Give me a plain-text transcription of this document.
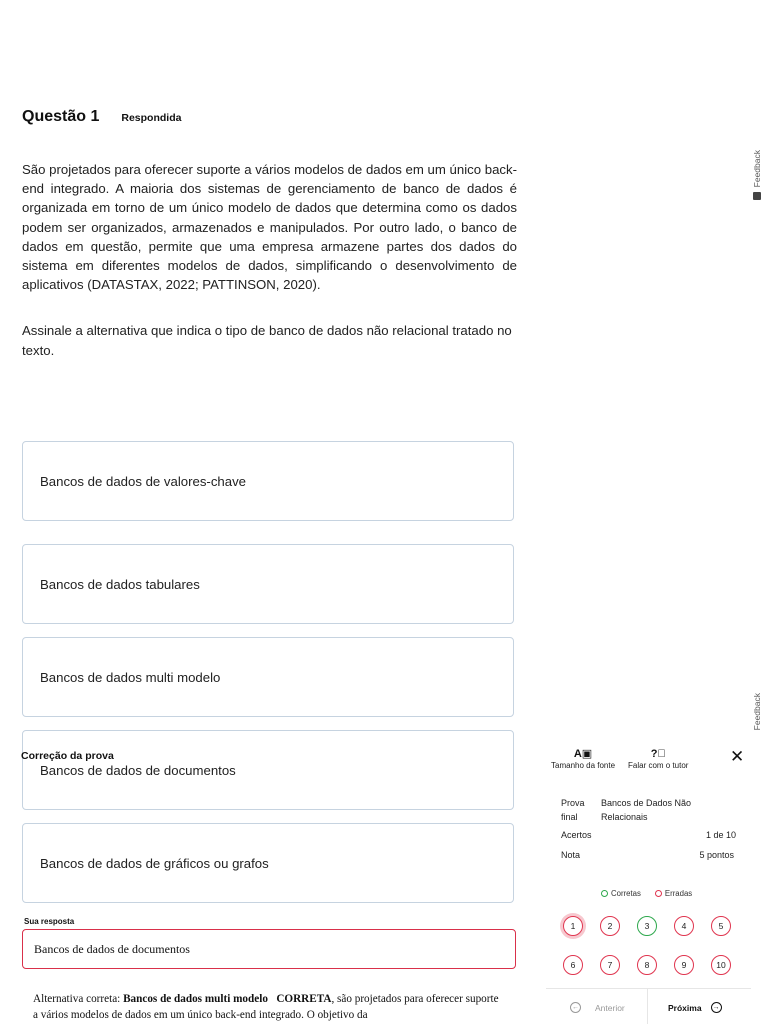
Questão 1 Respondida
São projetados para oferecer suporte a vários modelos de dados em um único back-end integrado. A maioria dos sistemas de gerenciamento de banco de dados é organizada em torno de um único modelo de dados que determina como os dados podem ser organizados, armazenados e manipulados. Por outro lado, o banco de dados em questão, permite que uma empresa armazene partes dos dados do sistema em diferentes modelos de dados, simplificando o desenvolvimento de aplicativos (DATASTAX, 2022; PATTINSON, 2020).
Assinale a alternativa que indica o tipo de banco de dados não relacional tratado no texto.
Bancos de dados de valores-chave
Bancos de dados tabulares
Bancos de dados multi modelo
Bancos de dados de documentos
Bancos de dados de gráficos ou grafos
Correção da prova
Sua resposta
Bancos de dados de documentos
Alternativa correta: Bancos de dados multi modelo CORRETA, são projetados para oferecer suporte a vários modelos de dados em um único back-end integrado. O objetivo da
Feedback
Feedback
A▣
Tamanho da fonte
?⃝
Falar com o tutor ✕
Prova final
Bancos de Dados Não Relacionais
Acertos	1 de 10
Nota	5 pontos
Corretas	Erradas
1	2	3	4	5
6	7	8	9	10
← Anterior	Próxima →
